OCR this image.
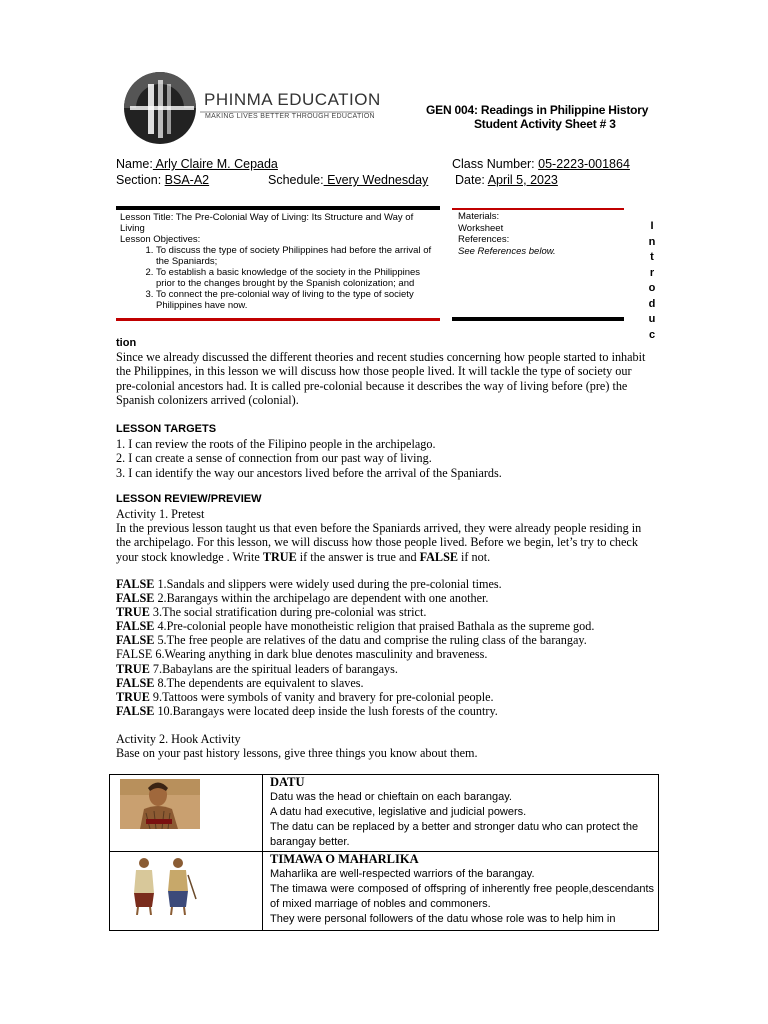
PHINMA EDUCATION
MAKING LIVES BETTER THROUGH EDUCATION	GEN 004: Readings in Philippine History
Student Activity Sheet # 3
Name: Arly Claire M. Cepada	Class Number: 05-2223-001864
Section: BSA-A2	Schedule: Every Wednesday Date: April 5, 2023
Lesson Title: The Pre-Colonial Way of Living: Its Structure and Way of Living
Lesson Objectives:
1. To discuss the type of society Philippines had before the arrival of the Spaniards;
2. To establish a basic knowledge of the society in the Philippines prior to the changes brought by the Spanish colonization; and
3. To connect the pre-colonial way of living to the type of society Philippines have now.
Materials:
Worksheet
References:
See References below.
I
n
t
r
o
d
u
c
tion
Since we already discussed the different theories and recent studies concerning how people started to inhabit the Philippines, in this lesson we will discuss how those people lived. It will tackle the type of society our pre-colonial ancestors had. It is called pre-colonial because it describes the way of living before (pre) the Spanish colonizers arrived (colonial).
LESSON TARGETS
1. I can review the roots of the Filipino people in the archipelago.
2. I can create a sense of connection from our past way of living.
3. I can identify the way our ancestors lived before the arrival of the Spaniards.
LESSON REVIEW/PREVIEW
Activity 1. Pretest
In the previous lesson taught us that even before the Spaniards arrived, they were already people residing in the archipelago. For this lesson, we will discuss how those people lived. Before we begin, let’s try to check your stock knowledge . Write TRUE if the answer is true and FALSE if not.
FALSE 1.Sandals and slippers were widely used during the pre-colonial times.
FALSE 2.Barangays within the archipelago are dependent with one another.
TRUE 3.The social stratification during pre-colonial was strict.
FALSE 4.Pre-colonial people have monotheistic religion that praised Bathala as the supreme god.
FALSE 5.The free people are relatives of the datu and comprise the ruling class of the barangay.
FALSE 6.Wearing anything in dark blue denotes masculinity and braveness.
TRUE 7.Babaylans are the spiritual leaders of barangays.
FALSE 8.The dependents are equivalent to slaves.
TRUE 9.Tattoos were symbols of vanity and bravery for pre-colonial people.
FALSE 10.Barangays were located deep inside the lush forests of the country.
Activity 2. Hook Activity
Base on your past history lessons, give three things you know about them.

DATU
Datu was the head or chieftain on each barangay.
A datu had executive, legislative and judicial powers.
The datu can be replaced by a better and stronger datu who can protect the barangay better.

TIMAWA O MAHARLIKA
Maharlika are well-respected warriors of the barangay.
The timawa were composed of offspring of inherently free people,descendants of mixed marriage of nobles and commoners.
They were personal followers of the datu whose role was to help him in
